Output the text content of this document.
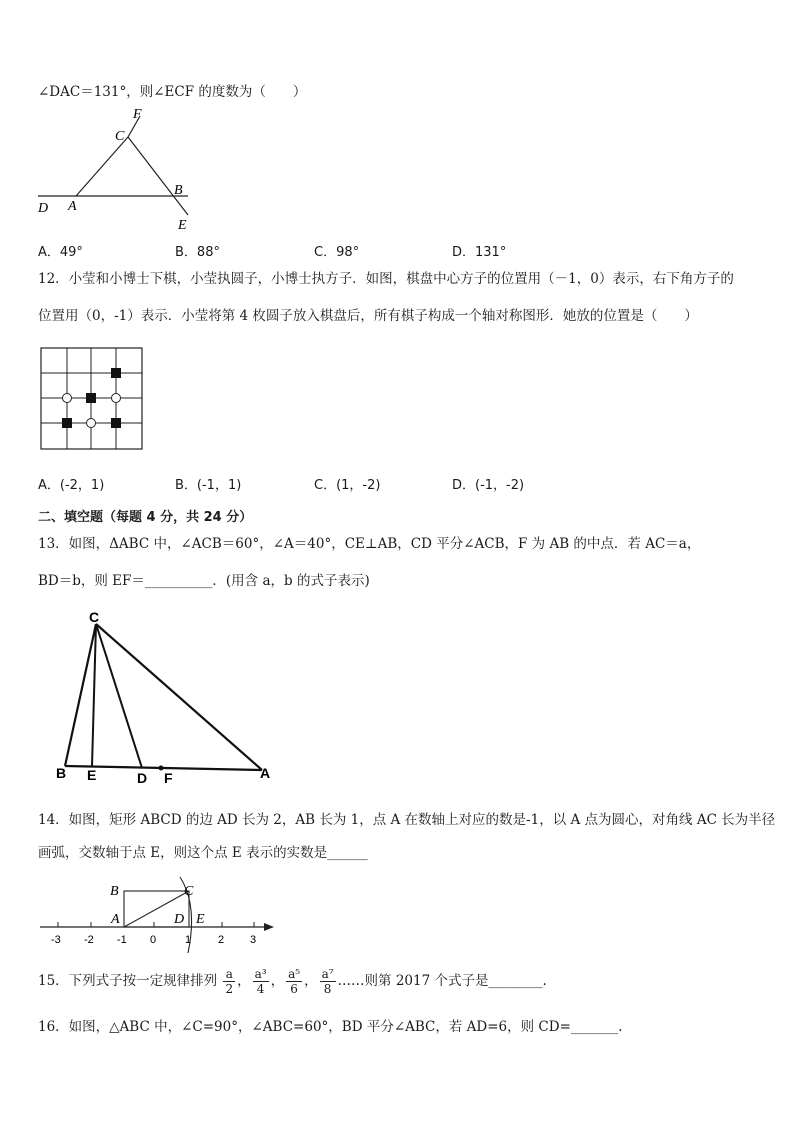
∠DAC＝131°，则∠ECF 的度数为（　　）
F
C
B
D A
E
A．49°	B．88°	C．98°	D．131°
12．小莹和小博士下棋，小莹执圆子，小博士执方子．如图，棋盘中心方子的位置用（－1，0）表示，右下角方子的
位置用（0，-1）表示．小莹将第 4 枚圆子放入棋盘后，所有棋子构成一个轴对称图形．她放的位置是（　　）
A．(-2，1)	B．(-1，1)	C．(1，-2)	D．(-1，-2)
二、填空题（每题 4 分，共 24 分）
13．如图，ΔABC 中，∠ACB＝60°，∠A＝40°，CE⊥AB，CD 平分∠ACB，F 为 AB 的中点．若 AC＝a，
BD＝b，则 EF＝__________．(用含 a，b 的式子表示)
C
B E	D F	A
14．如图，矩形 ABCD 的边 AD 长为 2，AB 长为 1，点 A 在数轴上对应的数是-1，以 A 点为圆心，对角线 AC 长为半径
画弧，交数轴于点 E，则这个点 E 表示的实数是______
B	C
A	D E
-3 -2 -1 0	1 2 3
15．下列式子按一定规律排列 $\frac{a}{2}$ ， $\frac{\text{a³}}{4}$ ， $\frac{\text{a⁵}}{6}$ ， $\frac{\text{a⁷}}{8}$ ……则第 2017 个式子是________.
16．如图，△ABC 中，∠C=90°，∠ABC=60°，BD 平分∠ABC，若 AD=6，则 CD=_______.
